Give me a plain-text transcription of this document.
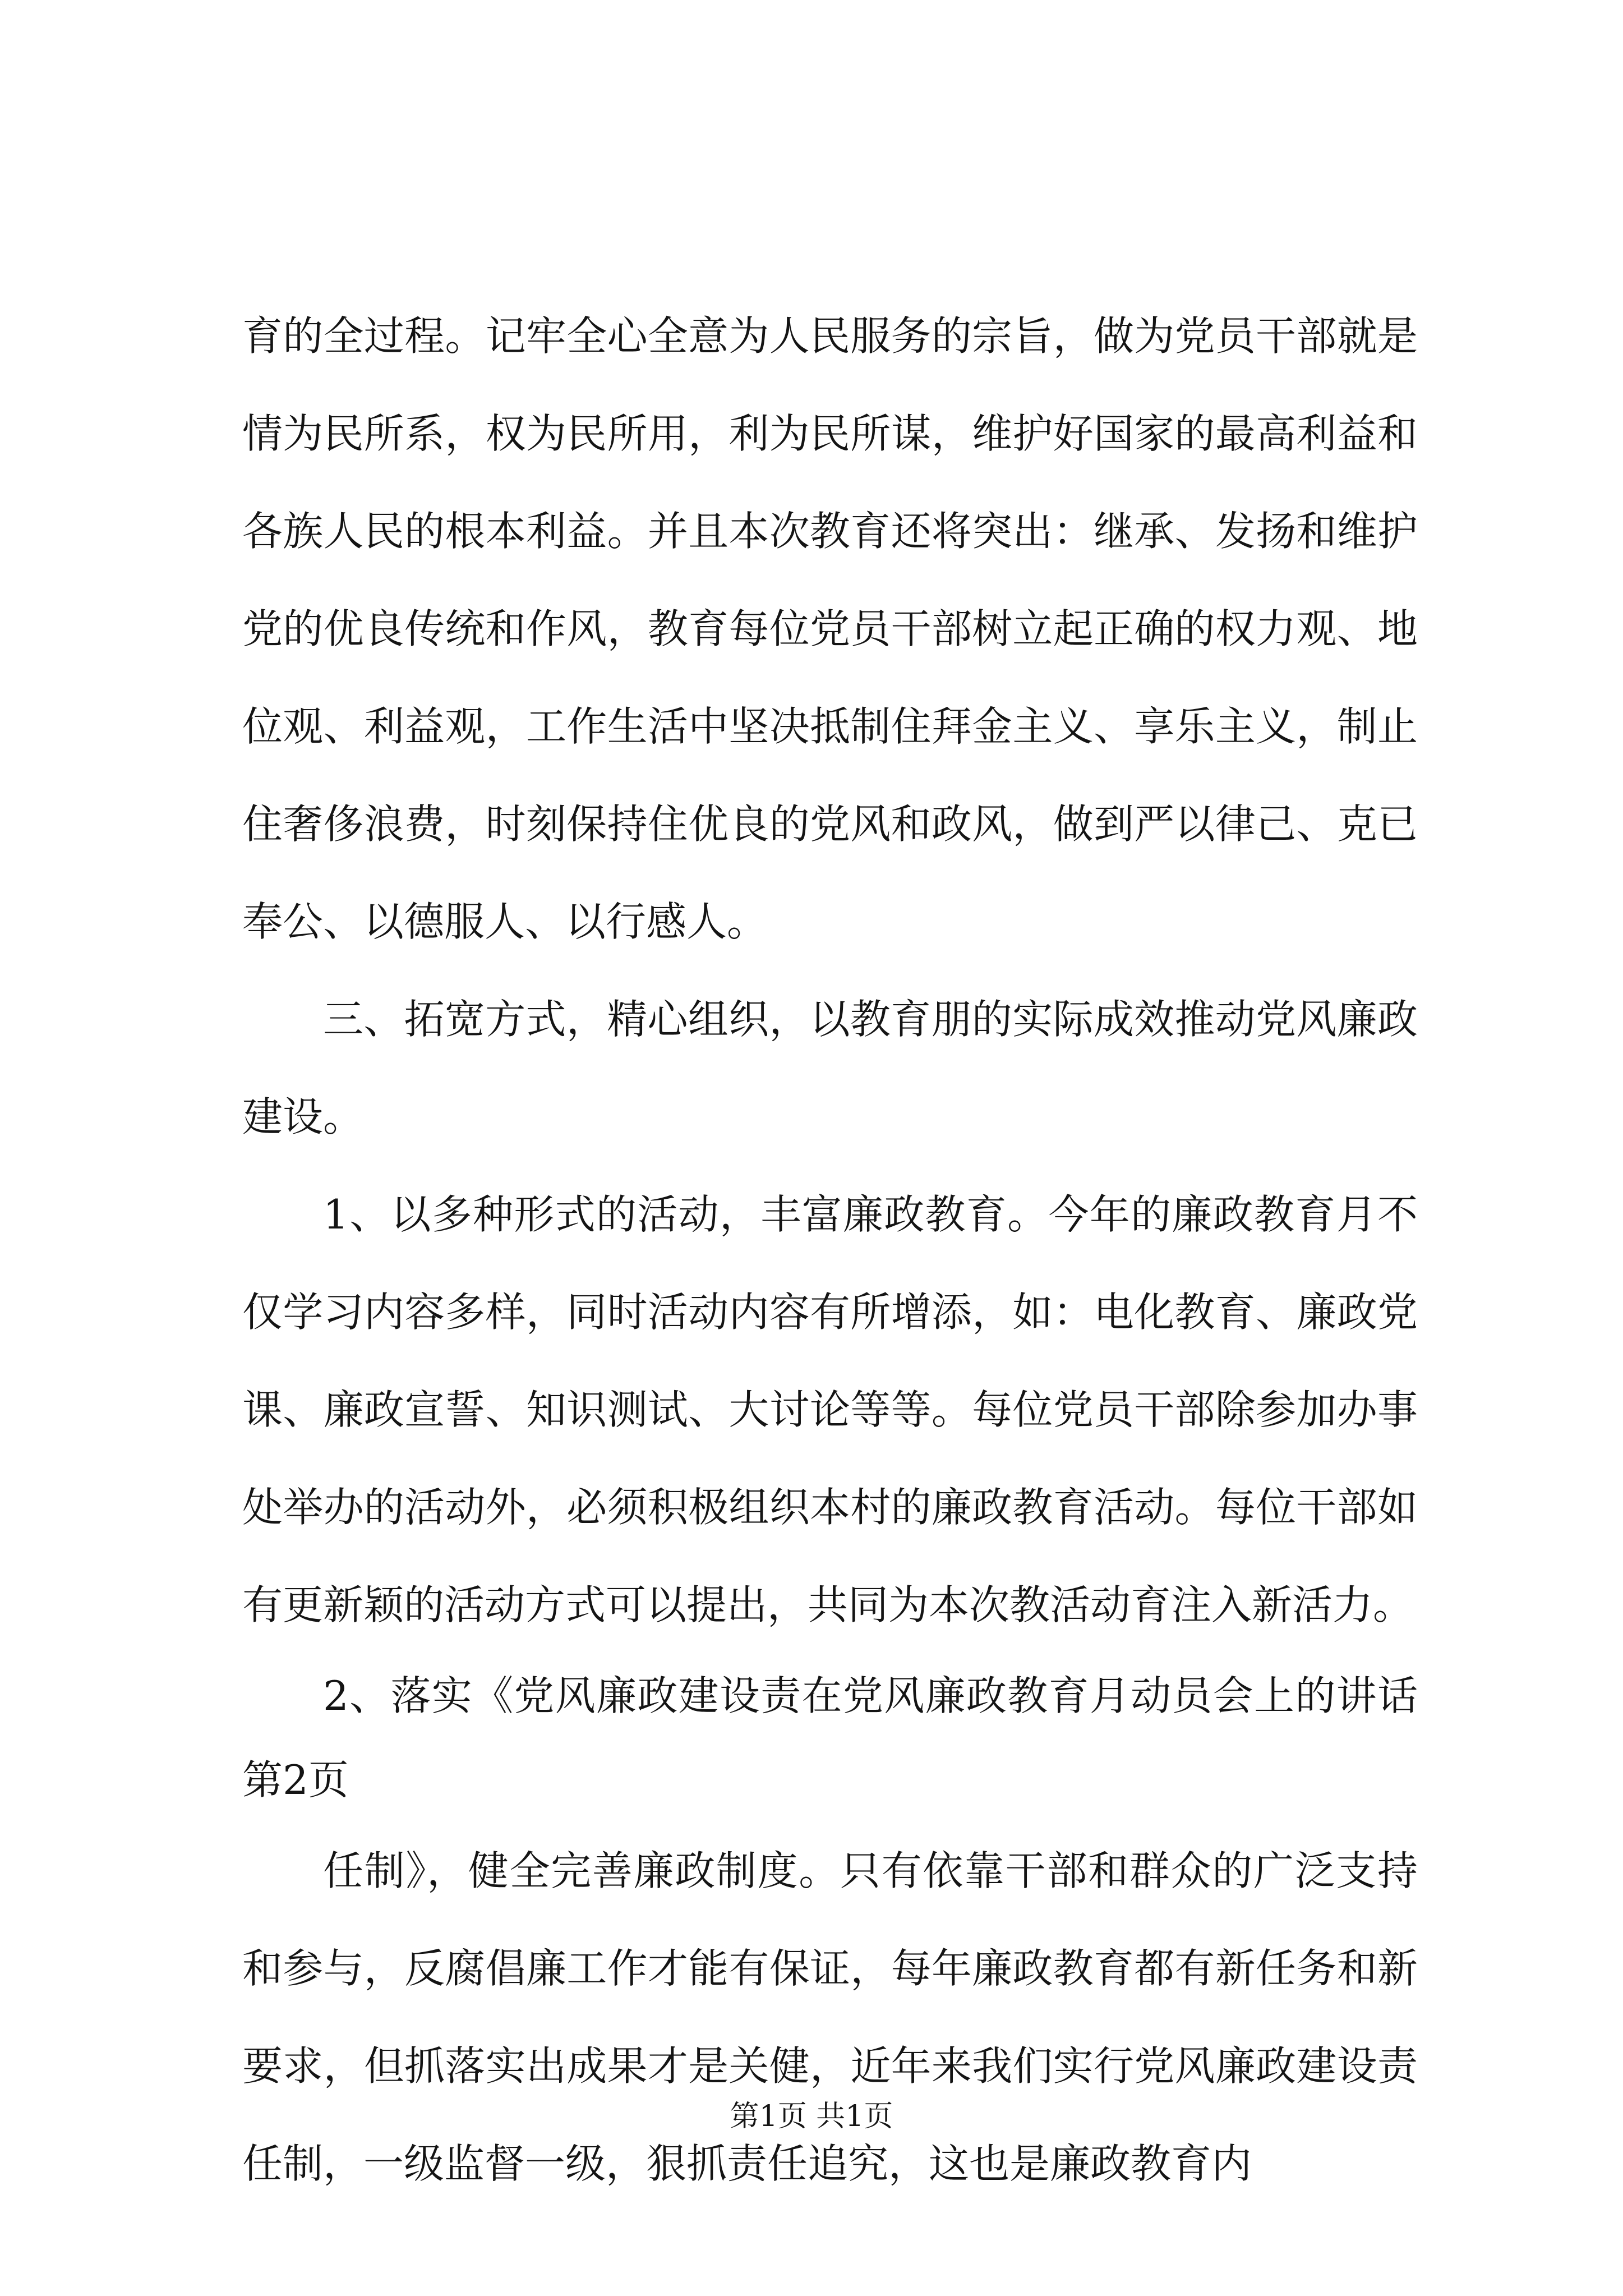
育的全过程。记牢全心全意为人民服务的宗旨，做为党员干部就是情为民所系，权为民所用，利为民所谋，维护好国家的最高利益和各族人民的根本利益。并且本次教育还将突出：继承、发扬和维护党的优良传统和作风，教育每位党员干部树立起正确的权力观、地位观、利益观，工作生活中坚决抵制住拜金主义、享乐主义，制止住奢侈浪费，时刻保持住优良的党风和政风，做到严以律己、克已奉公、以德服人、以行感人。

三、拓宽方式，精心组织，以教育朋的实际成效推动党风廉政建设。

1、以多种形式的活动，丰富廉政教育。今年的廉政教育月不仅学习内容多样，同时活动内容有所增添，如：电化教育、廉政党课、廉政宣誓、知识测试、大讨论等等。每位党员干部除参加办事处举办的活动外，必须积极组织本村的廉政教育活动。每位干部如有更新颖的活动方式可以提出，共同为本次教活动育注入新活力。

2、落实《党风廉政建设责在党风廉政教育月动员会上的讲话第2页

任制》，健全完善廉政制度。只有依靠干部和群众的广泛支持和参与，反腐倡廉工作才能有保证，每年廉政教育都有新任务和新要求，但抓落实出成果才是关健，近年来我们实行党风廉政建设责任制，一级监督一级，狠抓责任追究，这也是廉政教育内

第1页 共1页
